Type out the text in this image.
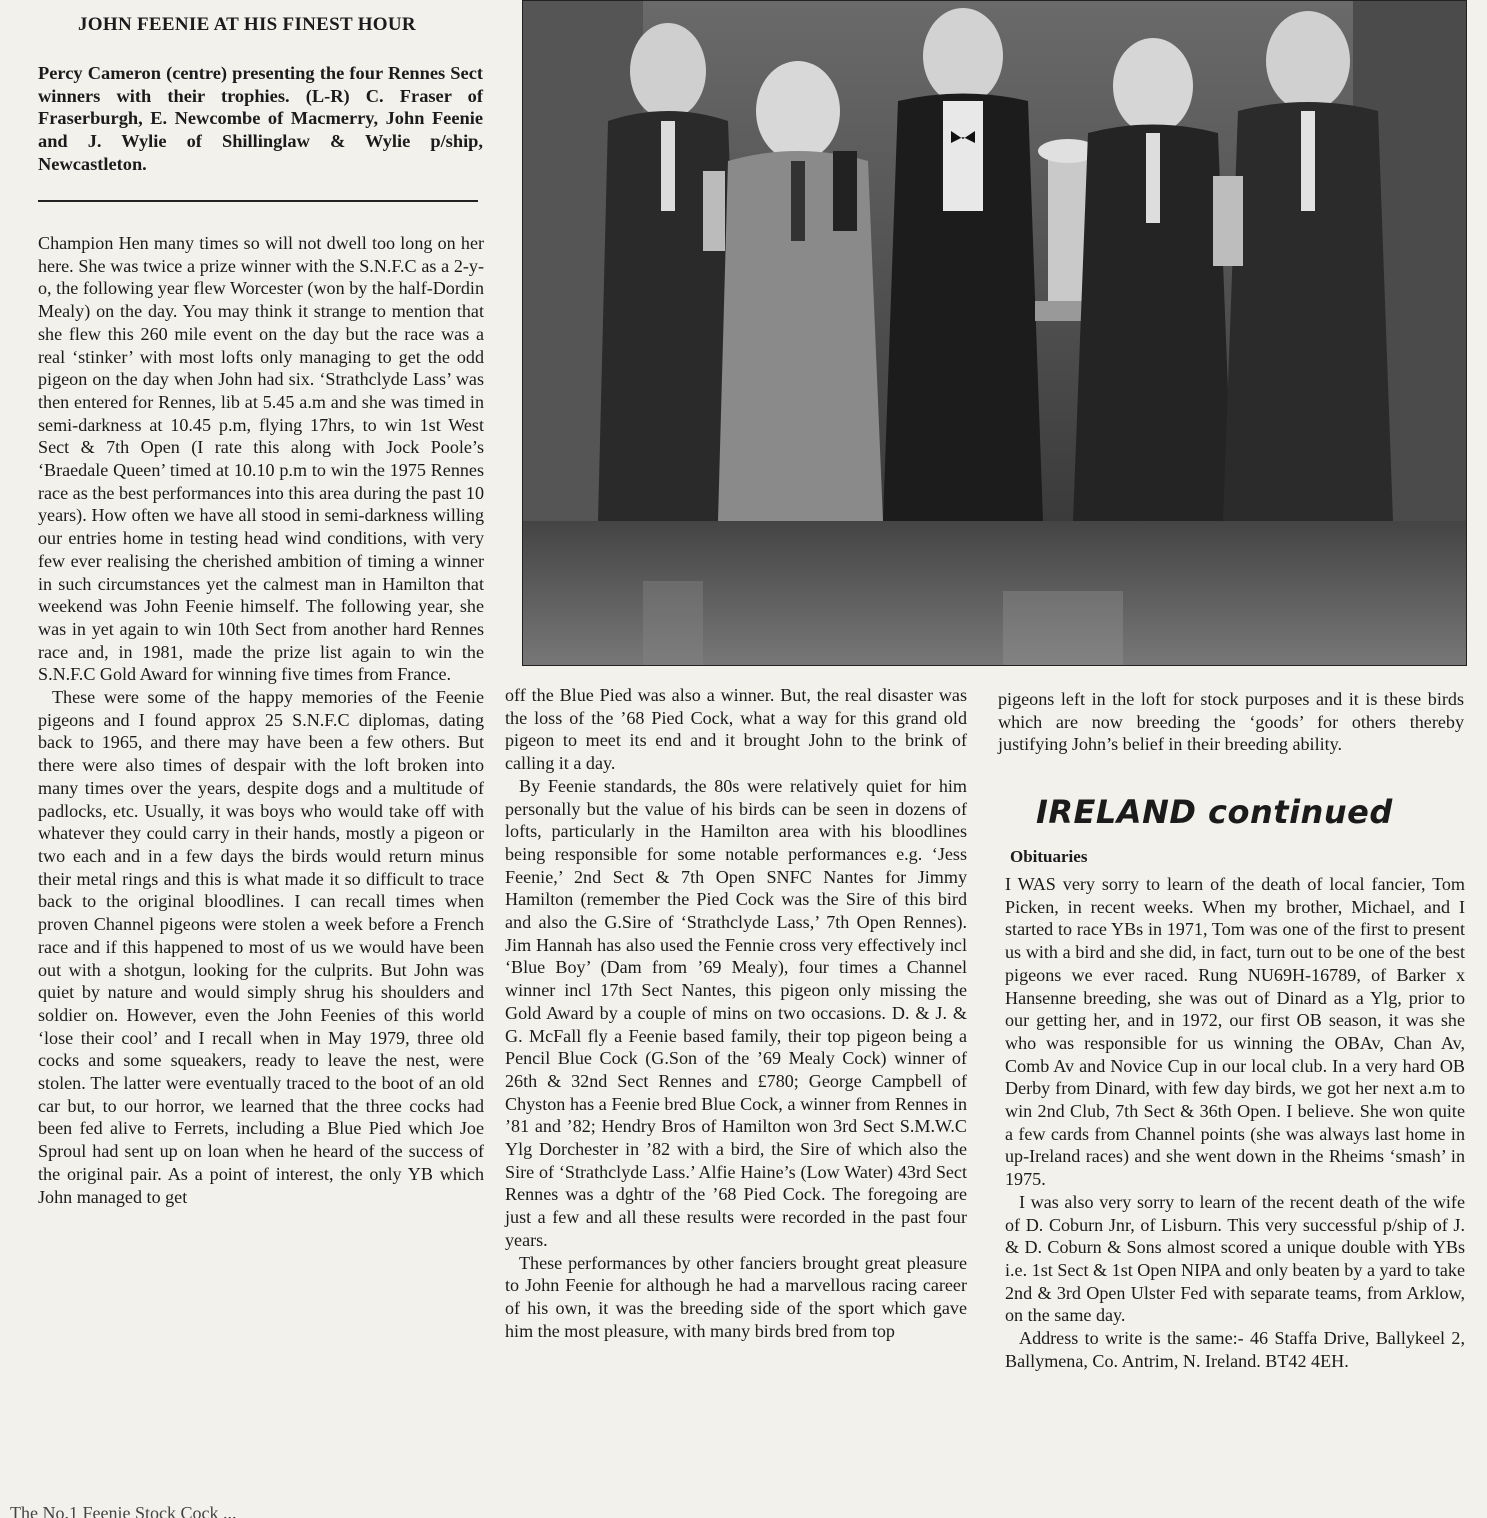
JOHN FEENIE AT HIS FINEST HOUR
Percy Cameron (centre) presenting the four Rennes Sect winners with their trophies. (L-R) C. Fraser of Fraserburgh, E. Newcombe of Macmerry, John Feenie and J. Wylie of Shillinglaw & Wylie p/ship, Newcastleton.

Champion Hen many times so will not dwell too long on her here. She was twice a prize winner with the S.N.F.C as a 2-y-o, the following year flew Worcester (won by the half-Dordin Mealy) on the day. You may think it strange to mention that she flew this 260 mile event on the day but the race was a real ‘stinker’ with most lofts only managing to get the odd pigeon on the day when John had six. ‘Strathclyde Lass’ was then entered for Rennes, lib at 5.45 a.m and she was timed in semi-darkness at 10.45 p.m, flying 17hrs, to win 1st West Sect & 7th Open (I rate this along with Jock Poole’s ‘Braedale Queen’ timed at 10.10 p.m to win the 1975 Rennes race as the best performances into this area during the past 10 years). How often we have all stood in semi-darkness willing our entries home in testing head wind conditions, with very few ever realising the cherished ambition of timing a winner in such circumstances yet the calmest man in Hamilton that weekend was John Feenie himself. The following year, she was in yet again to win 10th Sect from another hard Rennes race and, in 1981, made the prize list again to win the S.N.F.C Gold Award for winning five times from France.

These were some of the happy memories of the Feenie pigeons and I found approx 25 S.N.F.C diplomas, dating back to 1965, and there may have been a few others. But there were also times of despair with the loft broken into many times over the years, despite dogs and a multitude of padlocks, etc. Usually, it was boys who would take off with whatever they could carry in their hands, mostly a pigeon or two each and in a few days the birds would return minus their metal rings and this is what made it so difficult to trace back to the original bloodlines. I can recall times when proven Channel pigeons were stolen a week before a French race and if this happened to most of us we would have been out with a shotgun, looking for the culprits. But John was quiet by nature and would simply shrug his shoulders and soldier on. However, even the John Feenies of this world ‘lose their cool’ and I recall when in May 1979, three old cocks and some squeakers, ready to leave the nest, were stolen. The latter were eventually traced to the boot of an old car but, to our horror, we learned that the three cocks had been fed alive to Ferrets, including a Blue Pied which Joe Sproul had sent up on loan when he heard of the success of the original pair. As a point of interest, the only YB which John managed to get

off the Blue Pied was also a winner. But, the real disaster was the loss of the ’68 Pied Cock, what a way for this grand old pigeon to meet its end and it brought John to the brink of calling it a day.

By Feenie standards, the 80s were relatively quiet for him personally but the value of his birds can be seen in dozens of lofts, particularly in the Hamilton area with his bloodlines being responsible for some notable performances e.g. ‘Jess Feenie,’ 2nd Sect & 7th Open SNFC Nantes for Jimmy Hamilton (remember the Pied Cock was the Sire of this bird and also the G.Sire of ‘Strathclyde Lass,’ 7th Open Rennes). Jim Hannah has also used the Fennie cross very effectively incl ‘Blue Boy’ (Dam from ’69 Mealy), four times a Channel winner incl 17th Sect Nantes, this pigeon only missing the Gold Award by a couple of mins on two occasions. D. & J. & G. McFall fly a Feenie based family, their top pigeon being a Pencil Blue Cock (G.Son of the ’69 Mealy Cock) winner of 26th & 32nd Sect Rennes and £780; George Campbell of Chyston has a Feenie bred Blue Cock, a winner from Rennes in ’81 and ’82; Hendry Bros of Hamilton won 3rd Sect S.M.W.C Ylg Dorchester in ’82 with a bird, the Sire of which also the Sire of ‘Strathclyde Lass.’ Alfie Haine’s (Low Water) 43rd Sect Rennes was a dghtr of the ’68 Pied Cock. The foregoing are just a few and all these results were recorded in the past four years.

These performances by other fanciers brought great pleasure to John Feenie for although he had a marvellous racing career of his own, it was the breeding side of the sport which gave him the most pleasure, with many birds bred from top

pigeons left in the loft for stock purposes and it is these birds which are now breeding the ‘goods’ for others thereby justifying John’s belief in their breeding ability.

IRELAND continued
Obituaries

I WAS very sorry to learn of the death of local fancier, Tom Picken, in recent weeks. When my brother, Michael, and I started to race YBs in 1971, Tom was one of the first to present us with a bird and she did, in fact, turn out to be one of the best pigeons we ever raced. Rung NU69H-16789, of Barker x Hansenne breeding, she was out of Dinard as a Ylg, prior to our getting her, and in 1972, our first OB season, it was she who was responsible for us winning the OBAv, Chan Av, Comb Av and Novice Cup in our local club. In a very hard OB Derby from Dinard, with few day birds, we got her next a.m to win 2nd Club, 7th Sect & 36th Open. I believe. She won quite a few cards from Channel points (she was always last home in up-Ireland races) and she went down in the Rheims ‘smash’ in 1975.

I was also very sorry to learn of the recent death of the wife of D. Coburn Jnr, of Lisburn. This very successful p/ship of J. & D. Coburn & Sons almost scored a unique double with YBs i.e. 1st Sect & 1st Open NIPA and only beaten by a yard to take 2nd & 3rd Open Ulster Fed with separate teams, from Arklow, on the same day.

Address to write is the same:- 46 Staffa Drive, Ballykeel 2, Ballymena, Co. Antrim, N. Ireland. BT42 4EH.

The No.1 Feenie Stock Cock ...
